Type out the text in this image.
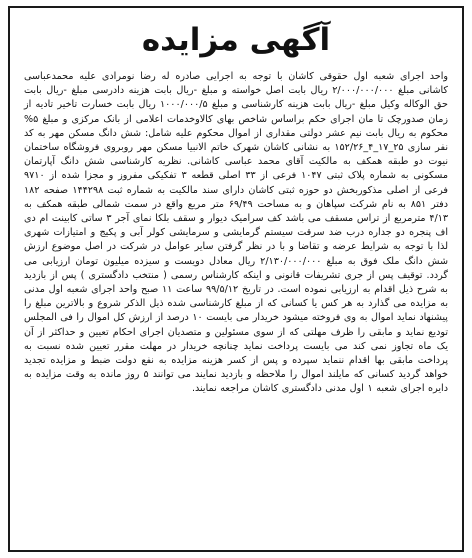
آگهی مزایده

واحد اجرای شعبه اول حقوقی کاشان با توجه به اجرایی صادره له رضا نومرادی علیه محمدعباسی کاشانی مبلغ ۲/۰۰۰/۰۰۰/۰۰۰ ریال بابت اصل خواسته و مبلغ -ریال بابت هزینه دادرسی مبلغ -ریال بابت حق الوکاله وکیل مبلغ -ریال بابت هزینه کارشناسی و مبلغ ۱۰۰۰/۰۰۰/۵ ریال بابت خسارت تاخیر تادیه از زمان صدورچک تا مان اجرای حکم براساس شاخص بهای کالاوخدمات اعلامی از بانک مرکزی و مبلغ ۵% محکوم به ریال بابت نیم عشر دولتی مقداری از اموال محکوم علیه شامل: شش دانگ مسکن مهر به کد نفر سازی ۲۵_۱۷_۴_۱۵۲/۲۶ به نشانی کاشان شهرک خاتم الانبیا مسکن مهر روبروی فروشگاه ساختمان نیوت دو طبقه همکف به مالکیت آقای محمد عباسی کاشانی. نظریه کارشناسی شش دانگ آپارتمان مسکونی به شماره پلاک ثبتی ۱۰۴۷ فرعی از ۳۳ اصلی قطعه ۳ تفکیکی مفروز و مجزا شده از ۹۷۱۰ فرعی از اصلی مذکوربخش دو حوزه ثبتی کاشان دارای سند مالکیت به شماره ثبت ۱۴۴۲۹۸ صفحه ۱۸۲ دفتر ۸۵۱ به نام شرکت سپاهان و به مساحت ۶۹/۴۹ متر مربع واقع در سمت شمالی طبقه همکف به ۴/۱۳ مترمربع از تراس مسقف می باشد کف سرامیک دیوار و سقف بلکا نمای آجر ۳ ساتی کابینت ام دی اف پنجره دو جداره درب ضد سرقت سیستم گرمایشی و سرمایشی کولر آبی و پکیج و امتیازات شهری لذا با توجه به شرایط عرضه و تقاضا و با در نظر گرفتن سایر عوامل در شرکت در اصل موضوع ارزش شش دانگ ملک فوق به مبلغ ۲/۱۳۰/۰۰۰/۰۰۰ ریال معادل دویست و سیزده میلیون تومان ارزیابی می گردد. توقیف پس از جری تشریفات قانونی و اینکه کارشناس رسمی ( منتخب دادگستری ) پس از بازدید به شرح ذیل اقدام به ارزیابی نموده است. در تاریخ ۹۹/۵/۱۲ ساعت ۱۱ صبح واحد اجرای شعبه اول مدنی به مزایده می گذارد به هر کس یا کسانی که از مبلغ کارشناسی شده ذیل الذکر شروع و بالاترین مبلغ را پیشنهاد نماید اموال به وی فروخته میشود خریدار می بایست ۱۰ درصد از ارزش کل اموال را فی المجلس تودیع نماید و مابقی را ظرف مهلتی که از سوی مسئولین و متصدیان اجرای احکام تعیین و حداکثر از آن یک ماه تجاوز نمی کند می بایست پرداخت نماید چنانچه خریدار در مهلت مقرر تعیین شده نسبت به پرداخت مابقی بها اقدام ننماید سپرده و پس از کسر هزینه مزایده به نفع دولت ضبط و مزایده تجدید خواهد گردید کسانی که مایلند اموال را ملاحظه و بازدید نمایند می توانند ۵ روز مانده به وقت مزایده به دایره اجرای شعبه ۱ اول مدنی دادگستری کاشان مراجعه نمایند.
